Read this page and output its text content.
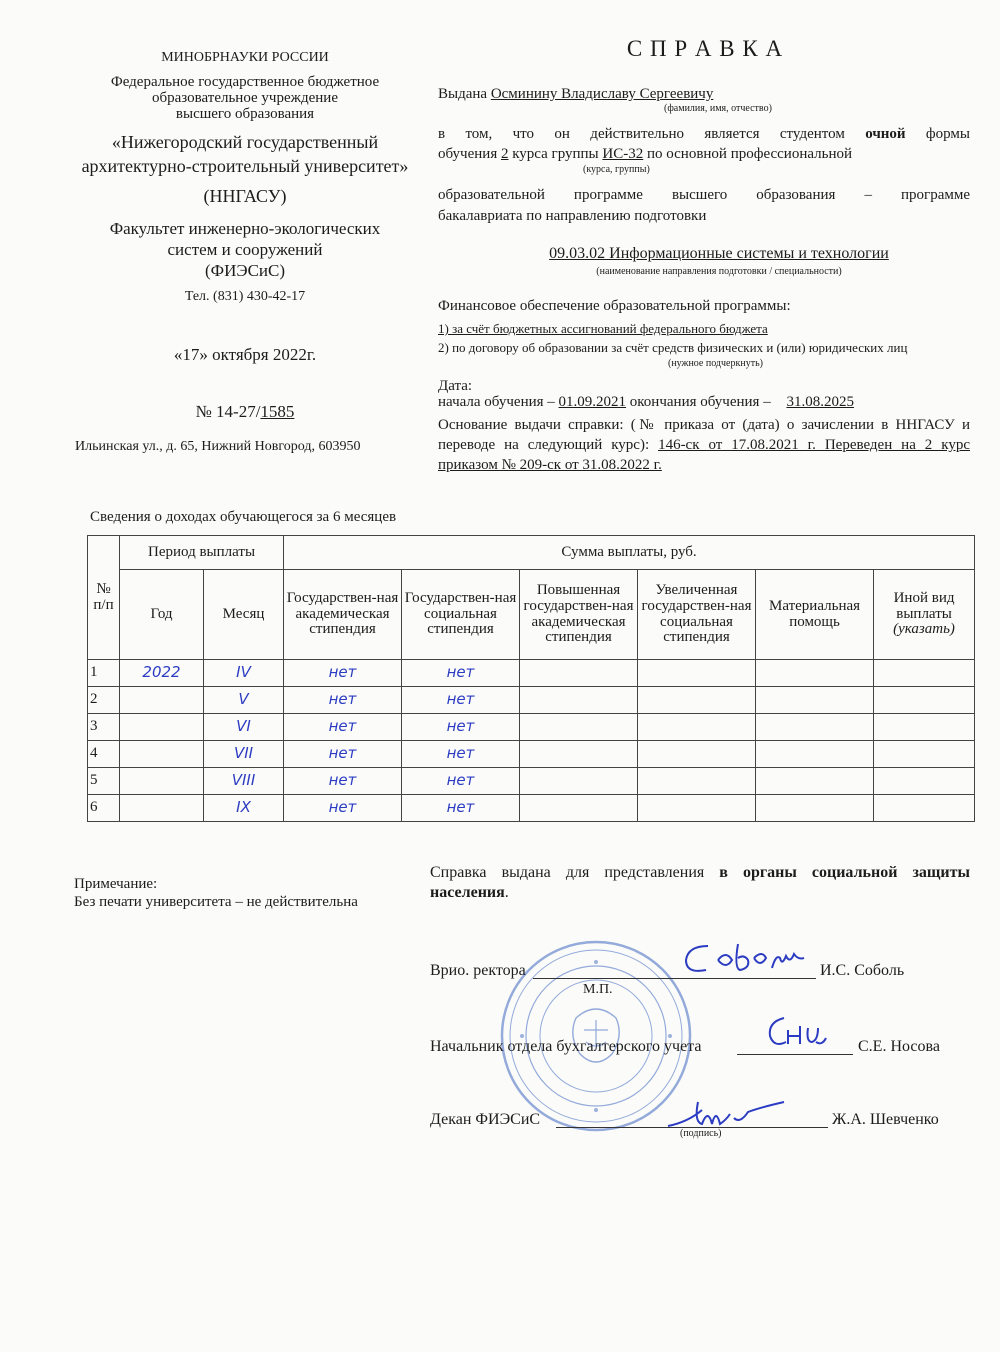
МИНОБРНАУКИ РОССИИ
Федеральное государственное бюджетное
образовательное учреждение
высшего образования
«Нижегородский государственный
архитектурно-строительный университет»
(ННГАСУ)
Факультет инженерно-экологических
систем и сооружений
(ФИЭСиС)
Тел. (831) 430-42-17
«17» октября 2022г.
№ 14-27/1585
Ильинская ул., д. 65, Нижний Новгород, 603950
С П Р А В К А
Выдана Осминину Владиславу Сергеевичу
(фамилия, имя, отчество)
в том, что он действительно является студентом очной формы
обучения 2 курса группы ИС-32 по основной профессиональной
(курса, группы)
образовательной программе высшего образования – программе
бакалавриата по направлению подготовки
09.03.02 Информационные системы и технологии
(наименование направления подготовки / специальности)
Финансовое обеспечение образовательной программы:
1) за счёт бюджетных ассигнований федерального бюджета
2) по договору об образовании за счёт средств физических и (или) юридических лиц
(нужное подчеркнуть)
Дата:
начала обучения – 01.09.2021 окончания обучения – 31.08.2025
Основание выдачи справки: (№ приказа от (дата) о зачислении в ННГАСУ и
переводе на следующий курс): 146-ск от 17.08.2021 г. Переведен на 2 курс
приказом № 209-ск от 31.08.2022 г.
Сведения о доходах обучающегося за 6 месяцев
№ п/п	Период выплаты		Сумма выплаты, руб.					
	Год	Месяц	Государствен-ная академическая стипендия	Государствен-ная социальная стипендия	Повышенная государствен-ная академическая стипендия	Увеличенная государствен-ная социальная стипендия	Материальная помощь	Иной вид выплаты
(указать)
1	2022	IV	нет	нет				
2		V	нет	нет				
3		VI	нет	нет				
4		VII	нет	нет				
5		VIII	нет	нет				
6		IX	нет	нет				
Примечание:
Без печати университета – не действительна
Справка выдана для представления в органы социальной защиты
населения.
Врио. ректора	И.С. Соболь
М.П.
Начальник отдела бухгалтерского учета	С.Е. Носова
Декан ФИЭСиС	Ж.А. Шевченко
(подпись)
